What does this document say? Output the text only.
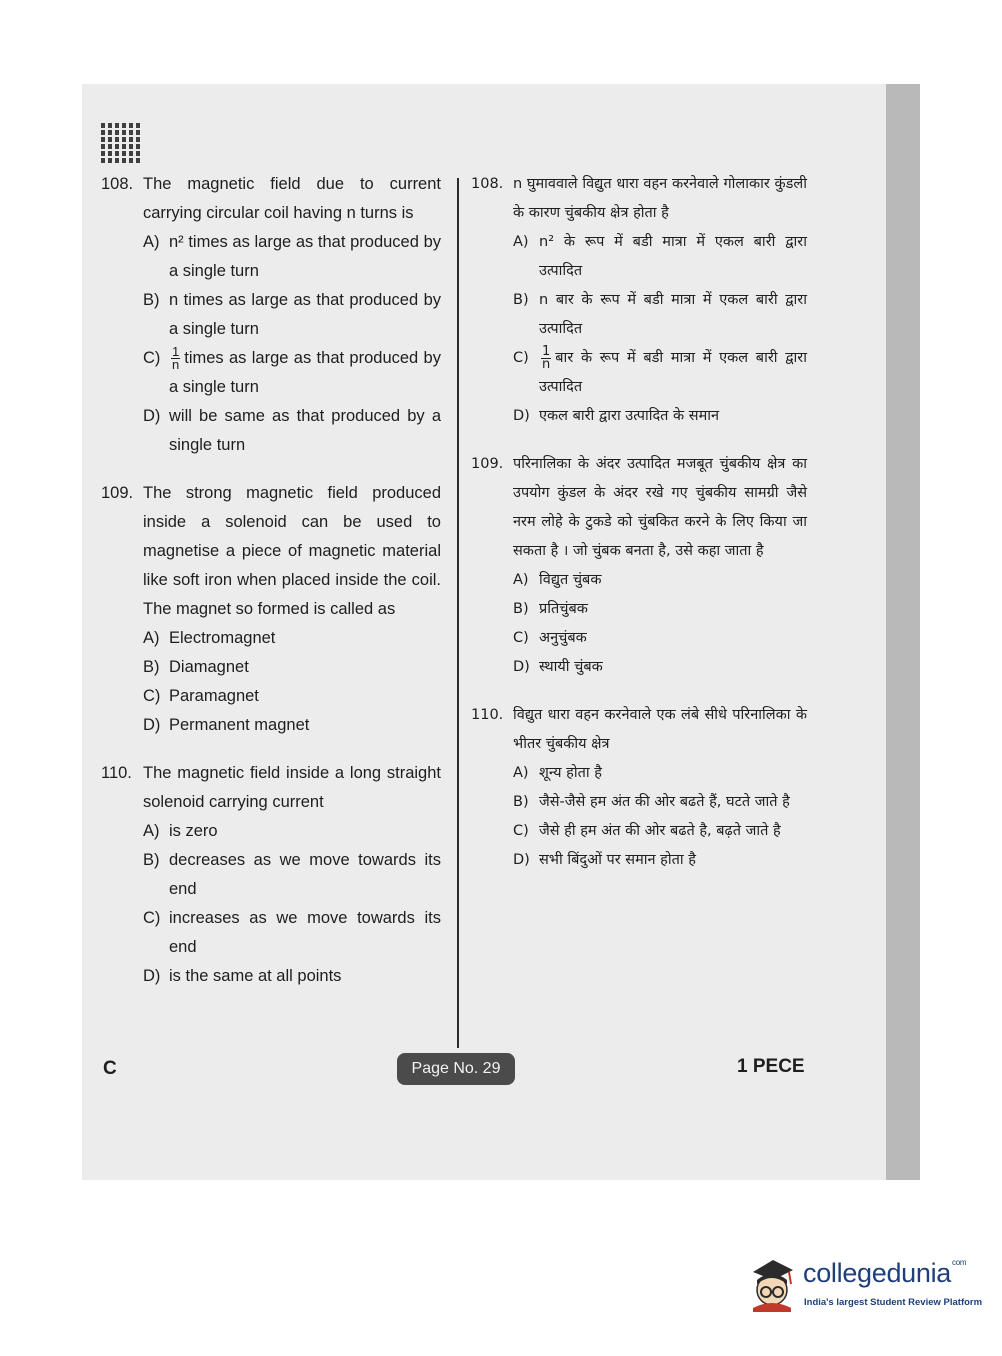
108. The magnetic field due to current carrying circular coil having n turns is
A) n² times as large as that produced by a single turn
B) n times as large as that produced by a single turn
$C) \frac{1}{n}$ times as large as that produced by a single turn
D) will be same as that produced by a single turn
109. The strong magnetic field produced inside a solenoid can be used to magnetise a piece of magnetic material like soft iron when placed inside the coil. The magnet so formed is called as
A) Electromagnet
B) Diamagnet
C) Paramagnet
D) Permanent magnet
110. The magnetic field inside a long straight solenoid carrying current
A) is zero
B) decreases as we move towards its end
C) increases as we move towards its end
D) is the same at all points
108. n घुमाववाले विद्युत धारा वहन करनेवाले गोलाकार कुंडली के कारण चुंबकीय क्षेत्र होता है
A) n² के रूप में बडी मात्रा में एकल बारी द्वारा उत्पादित
B) n बार के रूप में बडी मात्रा में एकल बारी द्वारा उत्पादित
$C) \frac{1}{n}$ बार के रूप में बडी मात्रा में एकल बारी द्वारा उत्पादित
D) एकल बारी द्वारा उत्पादित के समान
109. परिनालिका के अंदर उत्पादित मजबूत चुंबकीय क्षेत्र का उपयोग कुंडल के अंदर रखे गए चुंबकीय सामग्री जैसे नरम लोहे के टुकडे को चुंबकित करने के लिए किया जा सकता है । जो चुंबक बनता है, उसे कहा जाता है
A) विद्युत चुंबक
B) प्रतिचुंबक
C) अनुचुंबक
D) स्थायी चुंबक
110. विद्युत धारा वहन करनेवाले एक लंबे सीधे परिनालिका के भीतर चुंबकीय क्षेत्र
A) शून्य होता है
B) जैसे-जैसे हम अंत की ओर बढते हैं, घटते जाते है
C) जैसे ही हम अंत की ओर बढते है, बढ़ते जाते है
D) सभी बिंदुओं पर समान होता है
C	Page No. 29	1 PECE
collegedunia$^{com}$
India's largest Student Review Platform
